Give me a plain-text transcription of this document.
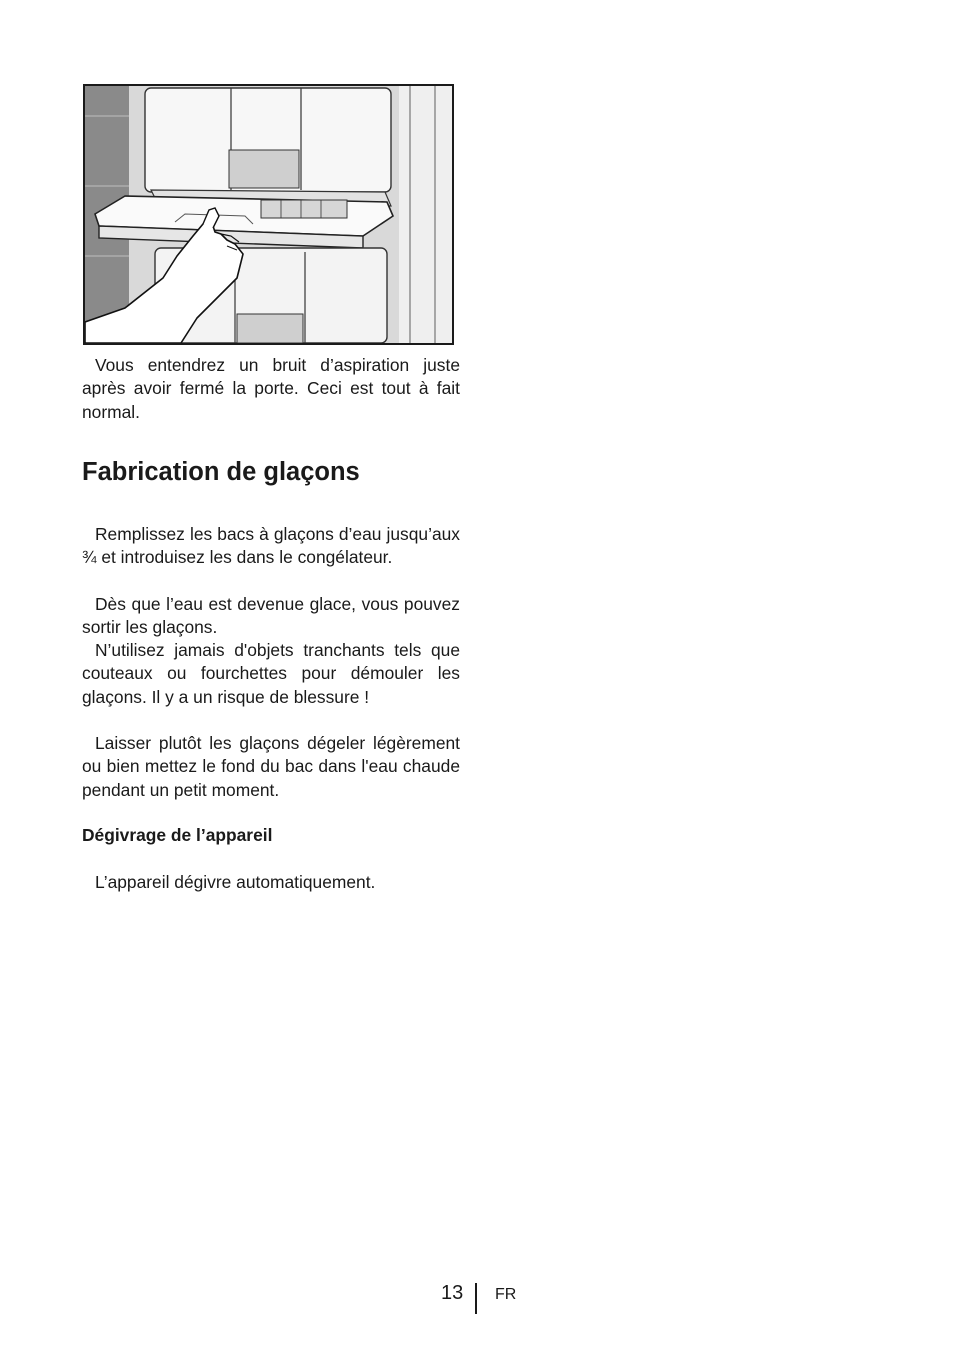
Vous entendrez un bruit d’aspiration juste après avoir fermé la porte. Ceci est tout à fait normal.

Fabrication de glaçons

Remplissez les bacs à glaçons d’eau jusqu’aux ¾ et introduisez les dans le congélateur.

Dès que l’eau est devenue glace, vous pouvez sortir les glaçons.

N’utilisez jamais d'objets tranchants tels que couteaux ou fourchettes pour démouler les glaçons. Il y a un risque de blessure !

Laisser plutôt les glaçons dégeler légèrement ou bien mettez le fond du bac dans l'eau chaude pendant un petit moment.

Dégivrage de l’appareil

L’appareil dégivre automatiquement.

13 FR
